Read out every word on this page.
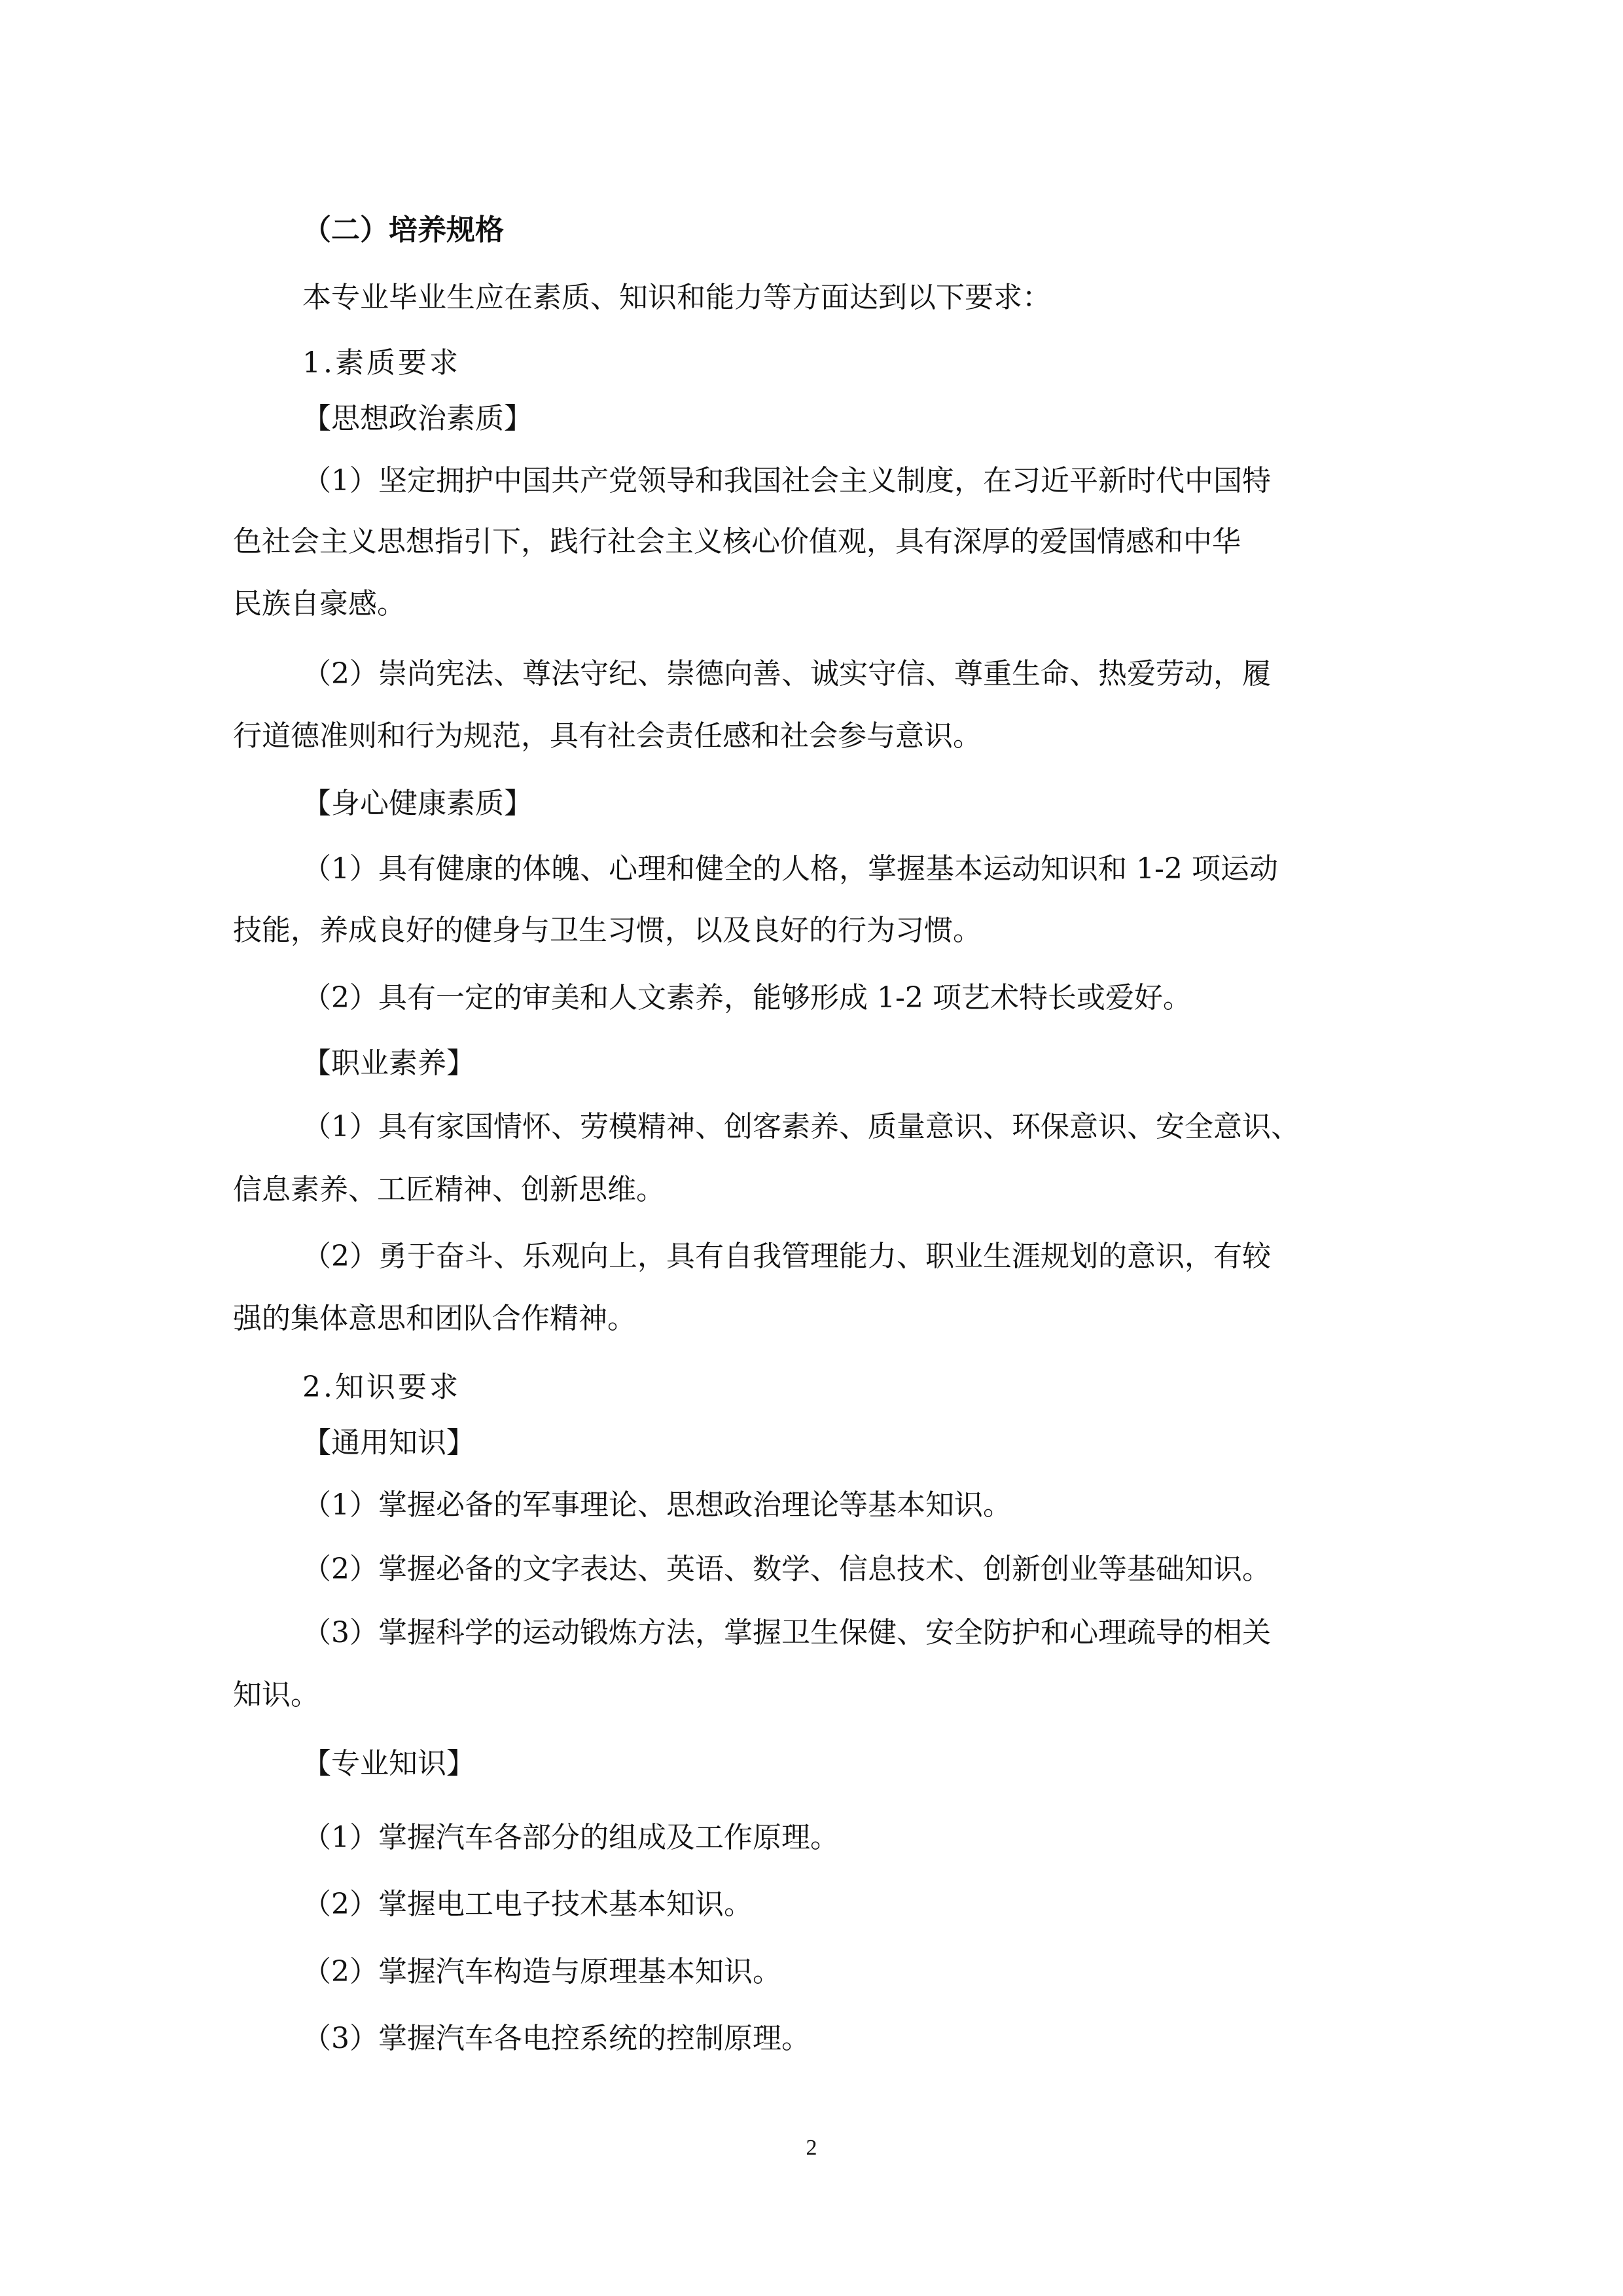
（二）培养规格
本专业毕业生应在素质、知识和能力等方面达到以下要求：
1.素质要求
【思想政治素质】
（1）坚定拥护中国共产党领导和我国社会主义制度，在习近平新时代中国特
色社会主义思想指引下，践行社会主义核心价值观，具有深厚的爱国情感和中华
民族自豪感。
（2）崇尚宪法、尊法守纪、崇德向善、诚实守信、尊重生命、热爱劳动，履
行道德准则和行为规范，具有社会责任感和社会参与意识。
【身心健康素质】
（1）具有健康的体魄、心理和健全的人格，掌握基本运动知识和 1-2 项运动
技能，养成良好的健身与卫生习惯，以及良好的行为习惯。
（2）具有一定的审美和人文素养，能够形成 1-2 项艺术特长或爱好。
【职业素养】
（1）具有家国情怀、劳模精神、创客素养、质量意识、环保意识、安全意识、
信息素养、工匠精神、创新思维。
（2）勇于奋斗、乐观向上，具有自我管理能力、职业生涯规划的意识，有较
强的集体意思和团队合作精神。
2.知识要求
【通用知识】
（1）掌握必备的军事理论、思想政治理论等基本知识。
（2）掌握必备的文字表达、英语、数学、信息技术、创新创业等基础知识。
（3）掌握科学的运动锻炼方法，掌握卫生保健、安全防护和心理疏导的相关
知识。
【专业知识】
（1）掌握汽车各部分的组成及工作原理。
（2）掌握电工电子技术基本知识。
（2）掌握汽车构造与原理基本知识。
（3）掌握汽车各电控系统的控制原理。
2
